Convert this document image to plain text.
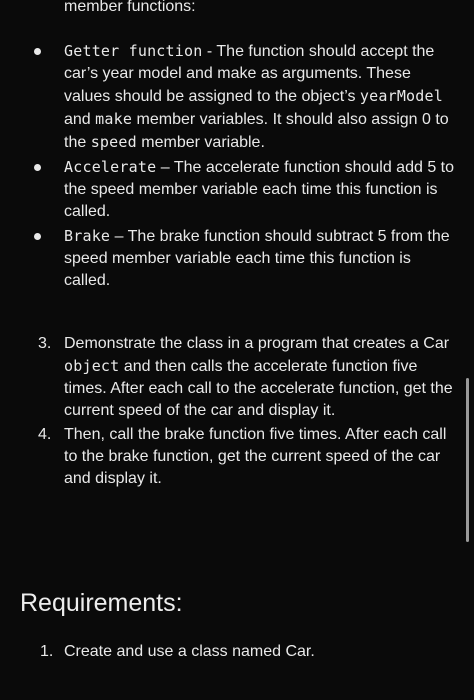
member functions:
Getter function - The function should accept the car’s year model and make as arguments. These values should be assigned to the object’s yearModel and make member variables. It should also assign 0 to the speed member variable.
Accelerate – The accelerate function should add 5 to the speed member variable each time this function is called.
Brake – The brake function should subtract 5 from the speed member variable each time this function is called.
3. Demonstrate the class in a program that creates a Car object and then calls the accelerate function five times. After each call to the accelerate function, get the current speed of the car and display it.
4. Then, call the brake function five times. After each call to the brake function, get the current speed of the car and display it.
Requirements:
1. Create and use a class named Car.
